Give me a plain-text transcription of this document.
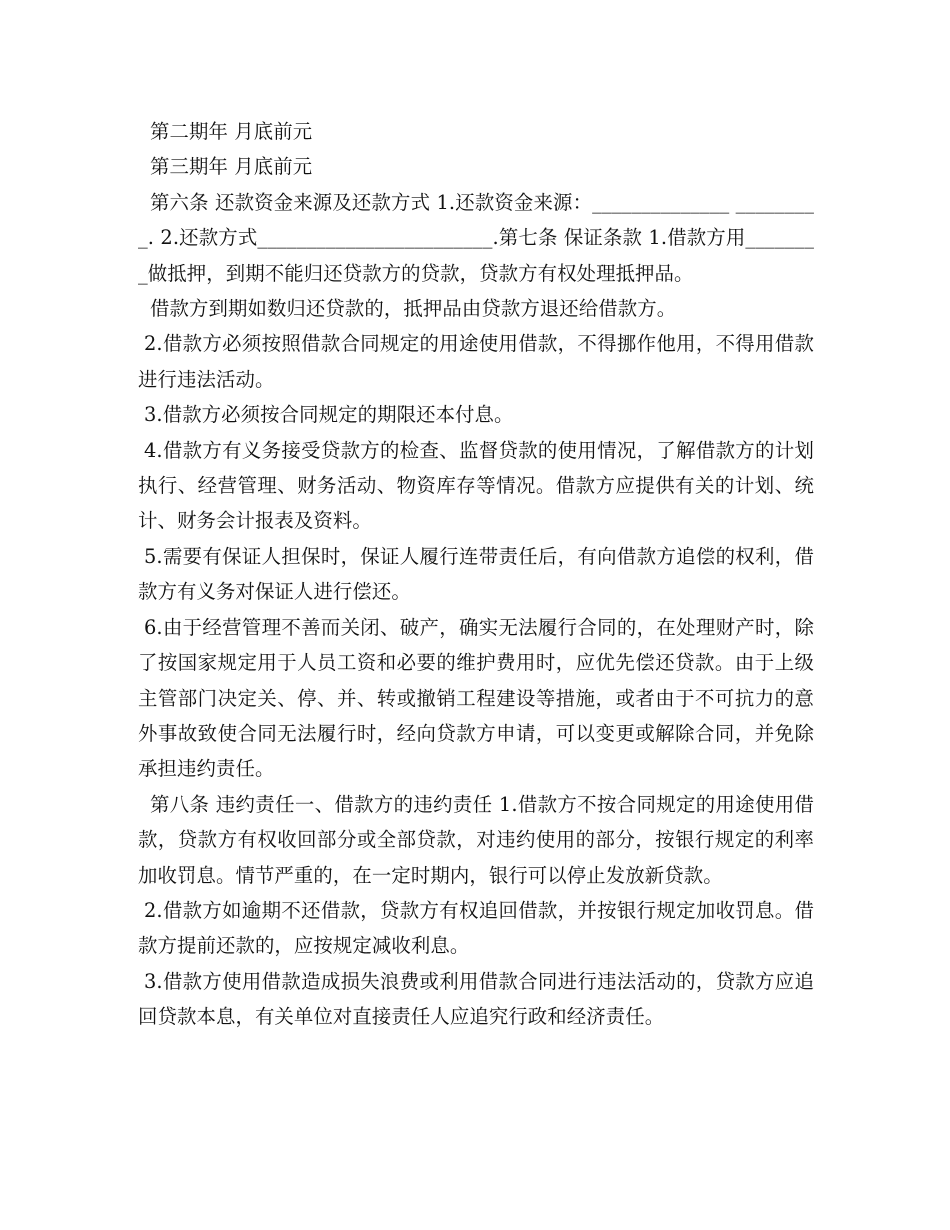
第二期年 月底前元

第三期年 月底前元

第六条 还款资金来源及还款方式 1.还款资金来源：______________ _________. 2.还款方式________________________.第七条 保证条款 1.借款方用________做抵押，到期不能归还贷款方的贷款，贷款方有权处理抵押品。

借款方到期如数归还贷款的，抵押品由贷款方退还给借款方。

2.借款方必须按照借款合同规定的用途使用借款，不得挪作他用，不得用借款进行违法活动。

3.借款方必须按合同规定的期限还本付息。

4.借款方有义务接受贷款方的检查、监督贷款的使用情况，了解借款方的计划执行、经营管理、财务活动、物资库存等情况。借款方应提供有关的计划、统计、财务会计报表及资料。

5.需要有保证人担保时，保证人履行连带责任后，有向借款方追偿的权利，借款方有义务对保证人进行偿还。

6.由于经营管理不善而关闭、破产，确实无法履行合同的，在处理财产时，除了按国家规定用于人员工资和必要的维护费用时，应优先偿还贷款。由于上级主管部门决定关、停、并、转或撤销工程建设等措施，或者由于不可抗力的意外事故致使合同无法履行时，经向贷款方申请，可以变更或解除合同，并免除承担违约责任。

第八条 违约责任一、借款方的违约责任 1.借款方不按合同规定的用途使用借款，贷款方有权收回部分或全部贷款，对违约使用的部分，按银行规定的利率加收罚息。情节严重的，在一定时期内，银行可以停止发放新贷款。

2.借款方如逾期不还借款，贷款方有权追回借款，并按银行规定加收罚息。借款方提前还款的，应按规定减收利息。

3.借款方使用借款造成损失浪费或利用借款合同进行违法活动的，贷款方应追回贷款本息，有关单位对直接责任人应追究行政和经济责任。
